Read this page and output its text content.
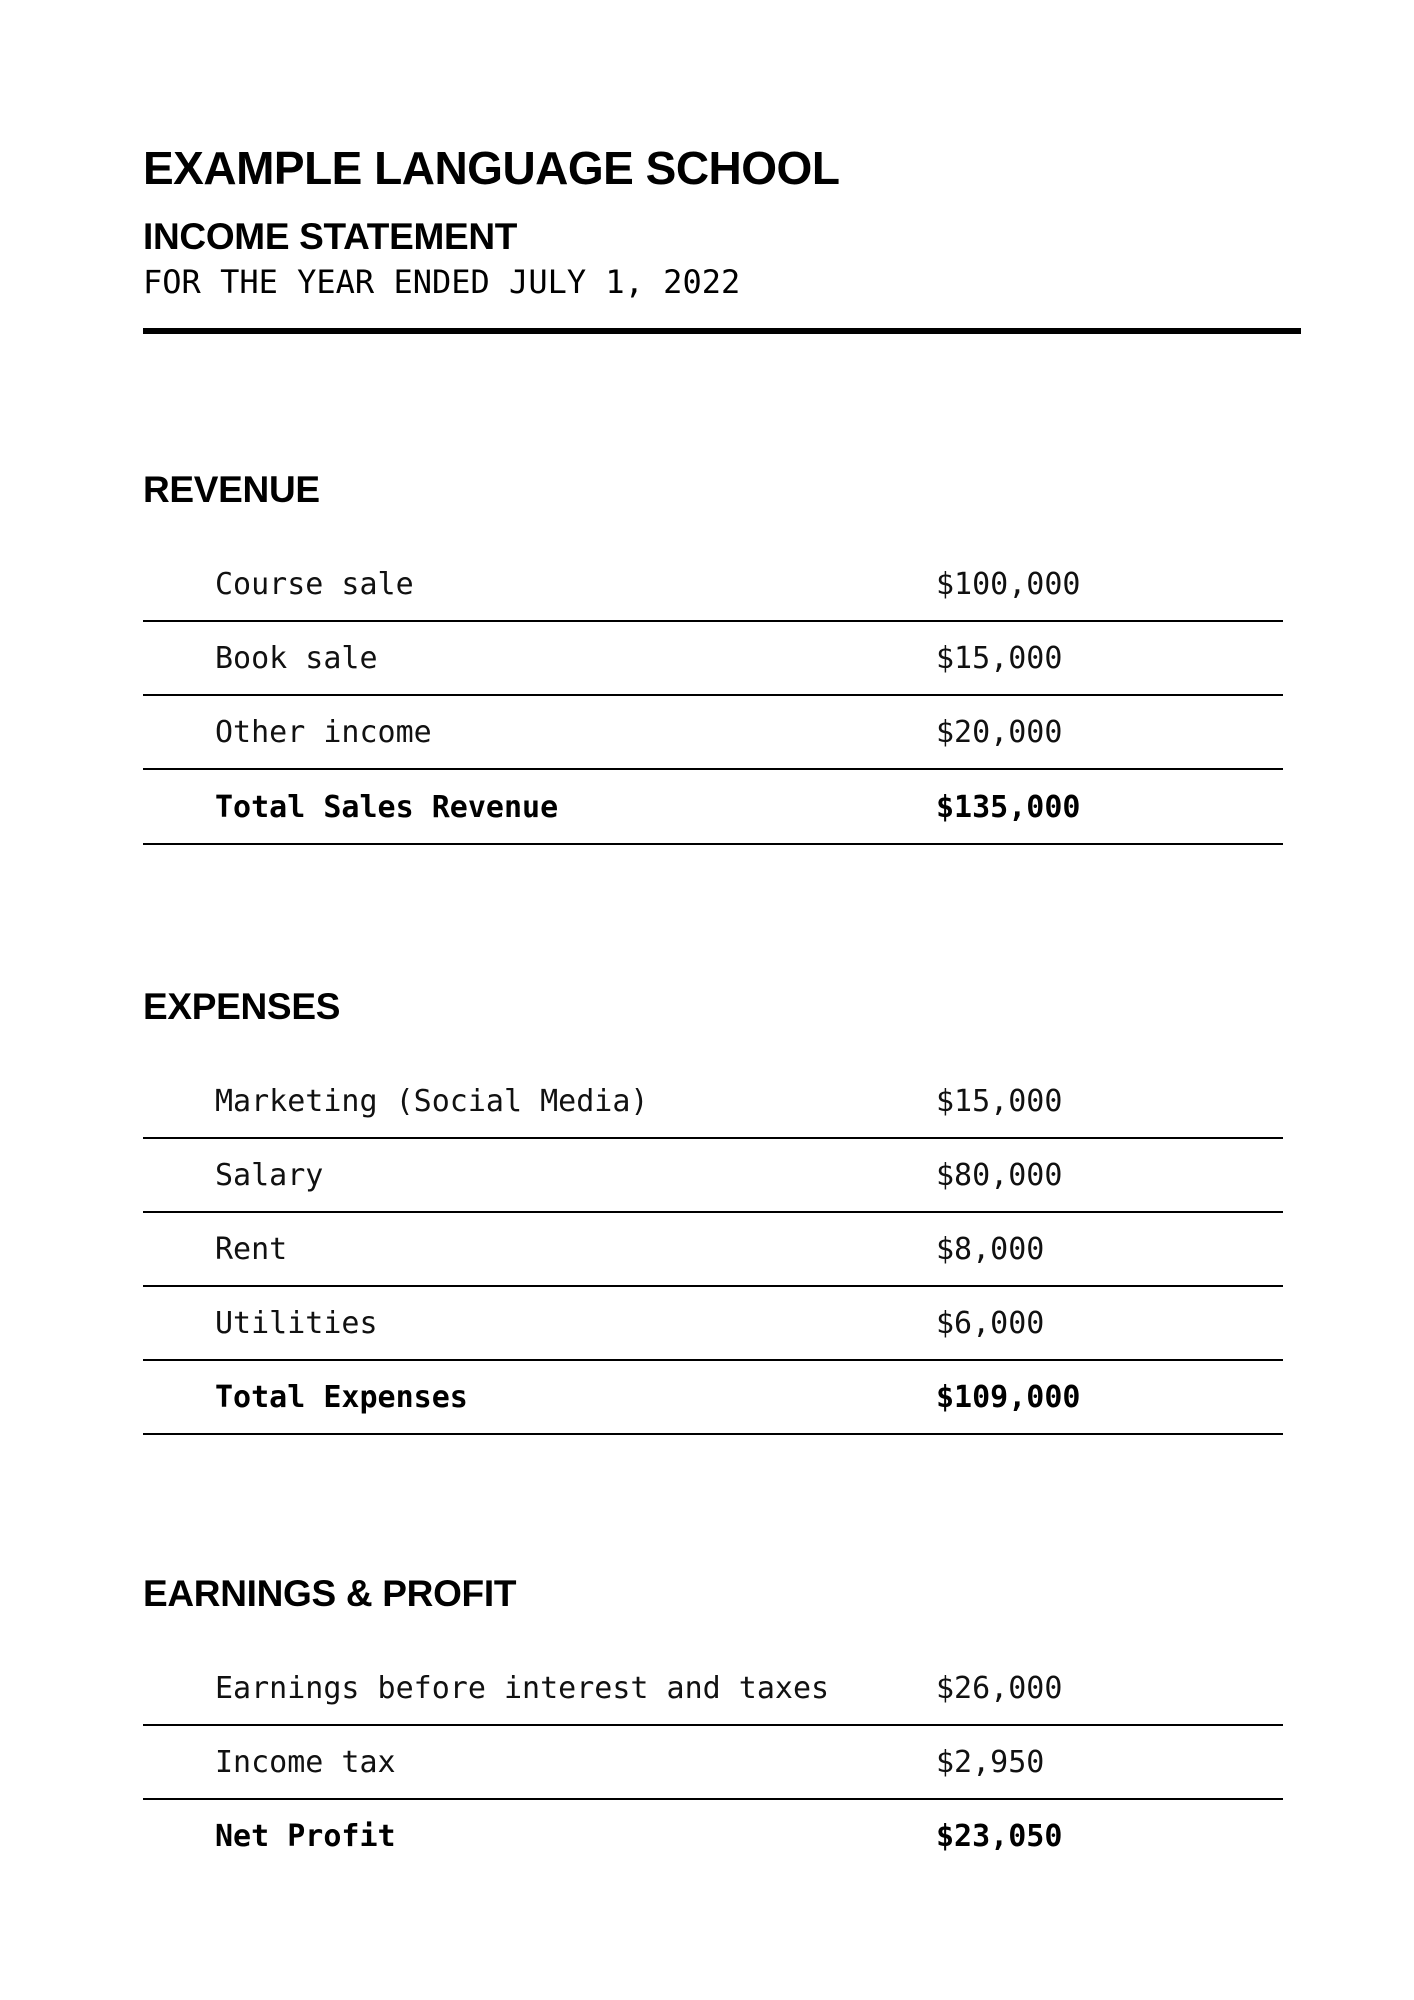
EXAMPLE LANGUAGE SCHOOL
INCOME STATEMENT
FOR THE YEAR ENDED JULY 1, 2022
REVENUE
Course sale	$100,000
Book sale	$15,000
Other income	$20,000
Total Sales Revenue	$135,000
EXPENSES
Marketing (Social Media)	$15,000
Salary	$80,000
Rent	$8,000
Utilities	$6,000
Total Expenses	$109,000
EARNINGS & PROFIT
Earnings before interest and taxes	$26,000
Income tax	$2,950
Net Profit	$23,050
